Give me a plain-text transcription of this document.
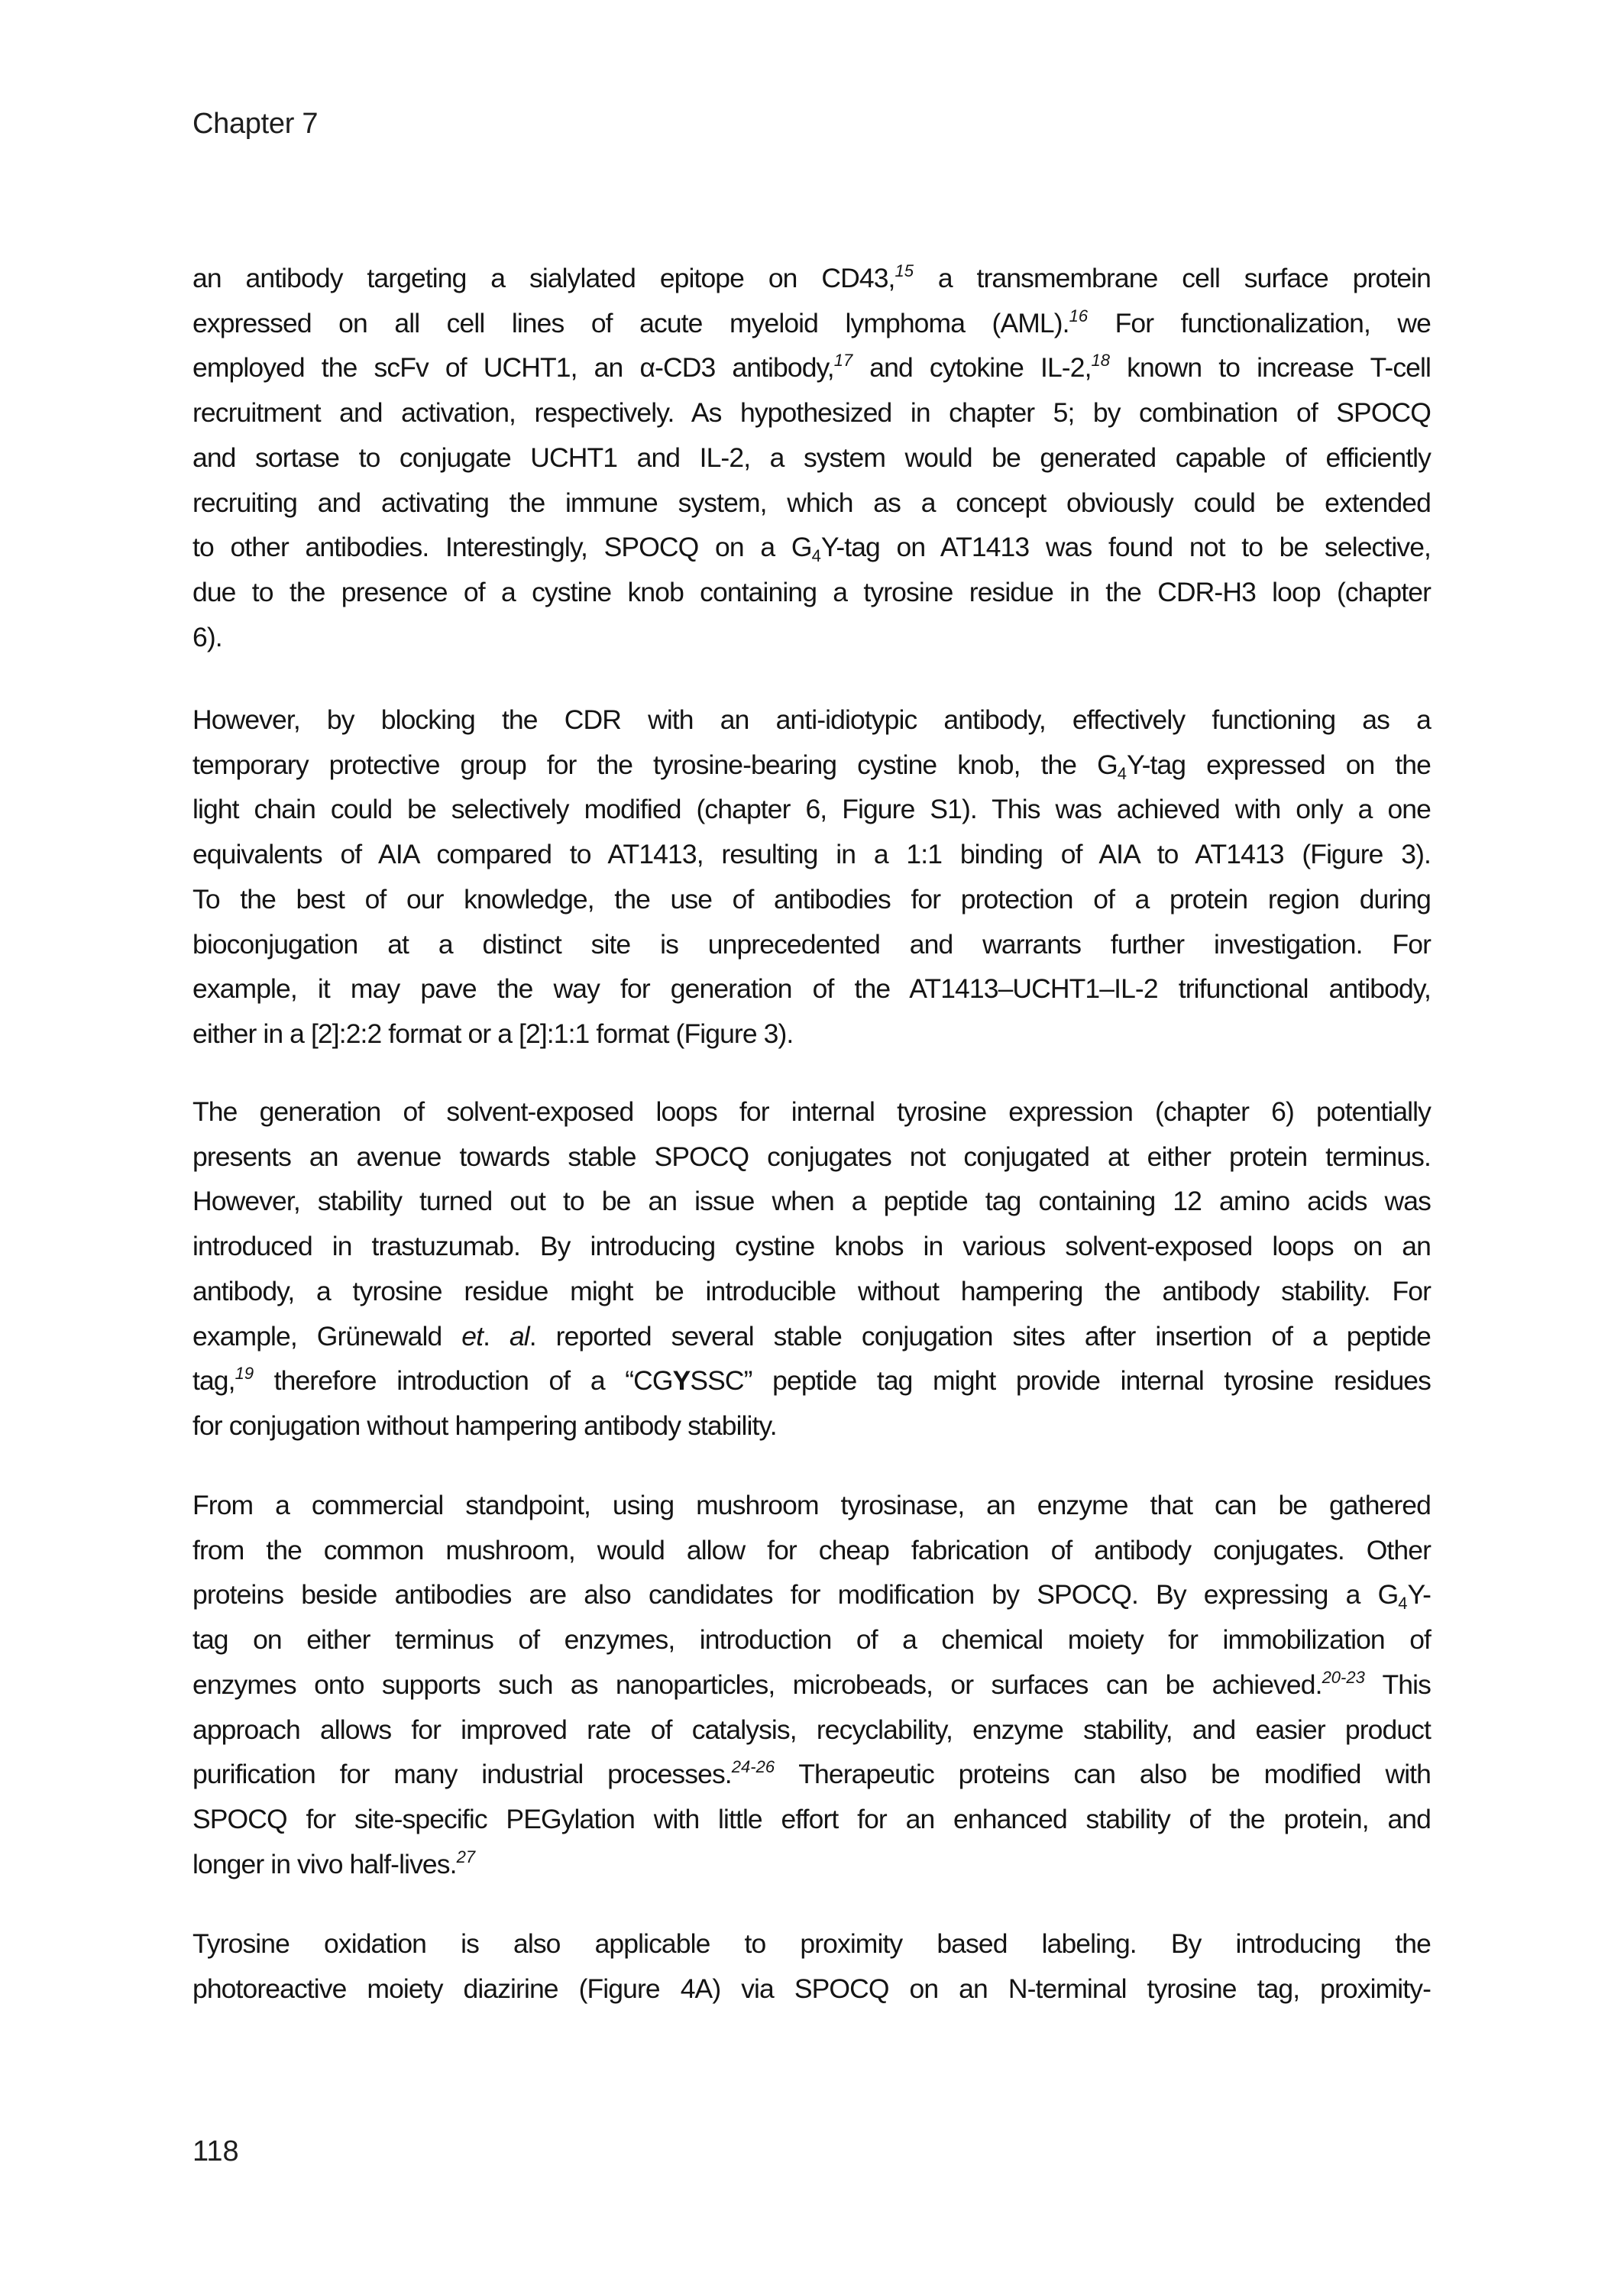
Chapter 7
an antibody targeting a sialylated epitope on CD43,15 a transmembrane cell surface protein
expressed on all cell lines of acute myeloid lymphoma (AML).$^{16}$ For functionalization, we
employed the scFv of UCHT1, an α-CD3 antibody,$^{17}$ and cytokine IL-2,18 known to increase T-cell
recruitment and activation, respectively. As hypothesized in chapter 5; by combination of SPOCQ
and sortase to conjugate UCHT1 and IL-2, a system would be generated capable of efficiently
recruiting and activating the immune system, which as a concept obviously could be extended
to other antibodies. Interestingly, SPOCQ on a G4Y-tag on AT1413 was found not to be selective,
due to the presence of a cystine knob containing a tyrosine residue in the CDR-H3 loop (chapter
6).
However, by blocking the CDR with an anti-idiotypic antibody, effectively functioning as a
temporary protective group for the tyrosine-bearing cystine knob, the G4Y-tag expressed on the
light chain could be selectively modified (chapter 6, Figure S1). This was achieved with only a one
equivalents of AIA compared to AT1413, resulting in a 1:1 binding of AIA to AT1413 (Figure 3).
To the best of our knowledge, the use of antibodies for protection of a protein region during
bioconjugation at a distinct site is unprecedented and warrants further investigation. For
example, it may pave the way for generation of the AT1413–UCHT1–IL-2 trifunctional antibody,
either in a [2]:2:2 format or a [2]:1:1 format (Figure 3).
The generation of solvent-exposed loops for internal tyrosine expression (chapter 6) potentially
presents an avenue towards stable SPOCQ conjugates not conjugated at either protein terminus.
However, stability turned out to be an issue when a peptide tag containing 12 amino acids was
introduced in trastuzumab. By introducing cystine knobs in various solvent-exposed loops on an
antibody, a tyrosine residue might be introducible without hampering the antibody stability. For
example, Grünewald et. al. reported several stable conjugation sites after insertion of a peptide
tag,$^{19}$ therefore introduction of a “CGYSSC” peptide tag might provide internal tyrosine residues
for conjugation without hampering antibody stability.
From a commercial standpoint, using mushroom tyrosinase, an enzyme that can be gathered
from the common mushroom, would allow for cheap fabrication of antibody conjugates. Other
proteins beside antibodies are also candidates for modification by SPOCQ. By expressing a G4Y-
tag on either terminus of enzymes, introduction of a chemical moiety for immobilization of
enzymes onto supports such as nanoparticles, microbeads, or surfaces can be achieved.$^{20-23}$ This
approach allows for improved rate of catalysis, recyclability, enzyme stability, and easier product
purification for many industrial processes.$^{24-26}$ Therapeutic proteins can also be modified with
SPOCQ for site-specific PEGylation with little effort for an enhanced stability of the protein, and
longer in vivo half-lives.$^{27}$
Tyrosine oxidation is also applicable to proximity based labeling. By introducing the
photoreactive moiety diazirine (Figure 4A) via SPOCQ on an N-terminal tyrosine tag, proximity-
118
